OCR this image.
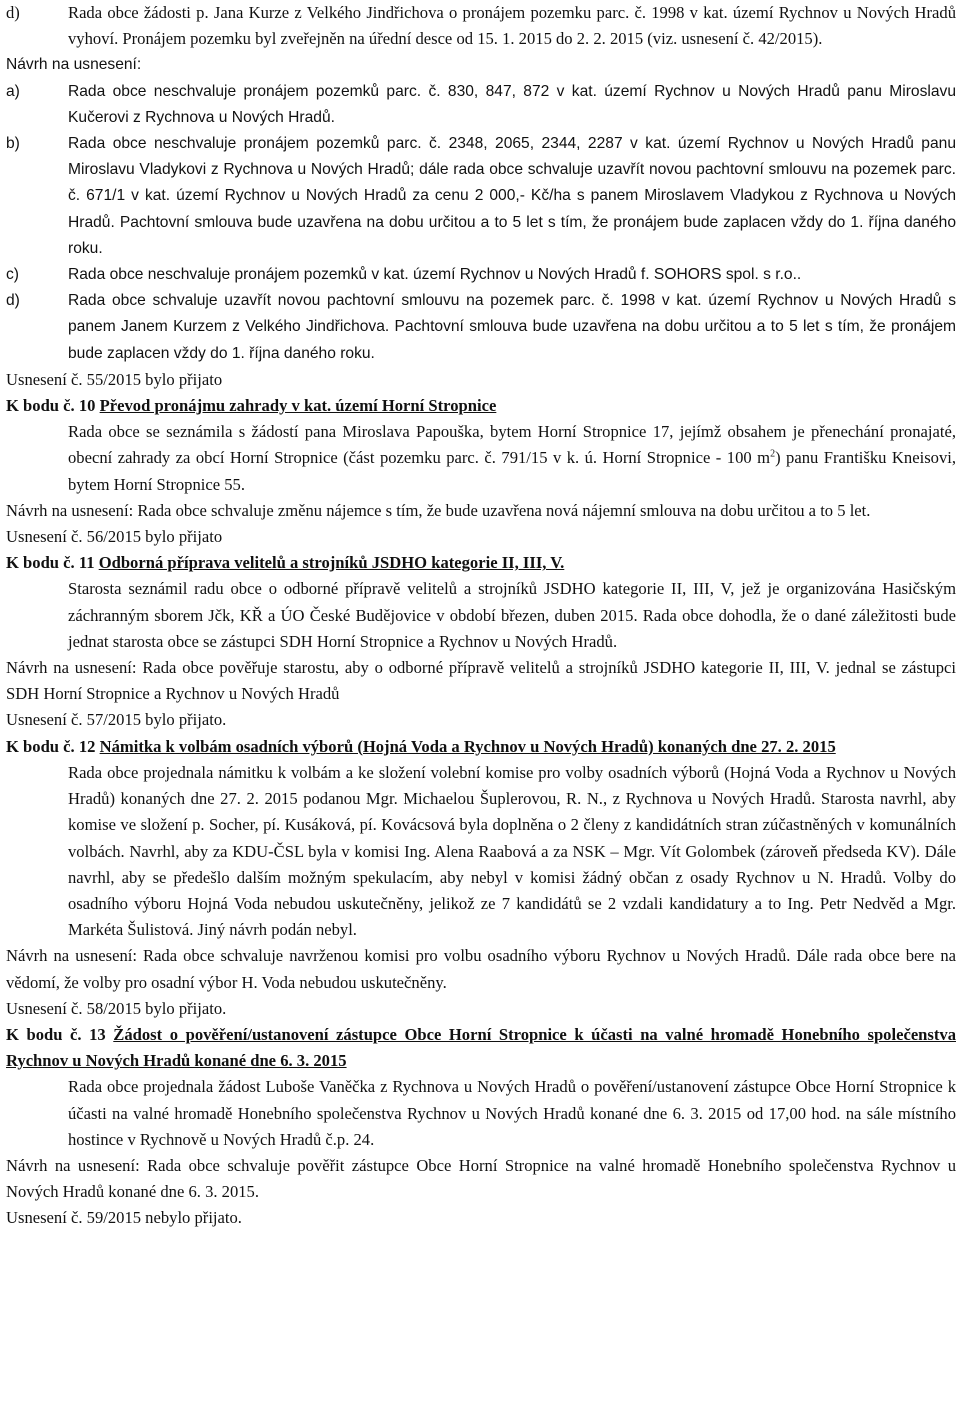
d)	Rada obce žádosti p. Jana Kurze z Velkého Jindřichova o pronájem pozemku parc. č. 1998 v kat. území Rychnov u Nových Hradů vyhoví. Pronájem pozemku byl zveřejněn na úřední desce od 15. 1. 2015 do 2. 2. 2015 (viz. usnesení č. 42/2015).

Návrh na usnesení:

a)	Rada obce neschvaluje pronájem pozemků parc. č. 830, 847, 872 v kat. území Rychnov u Nových Hradů panu Miroslavu Kučerovi z Rychnova u Nových Hradů.
b)	Rada obce neschvaluje pronájem pozemků parc. č. 2348, 2065, 2344, 2287 v kat. území Rychnov u Nových Hradů panu Miroslavu Vladykovi z Rychnova u Nových Hradů; dále rada obce schvaluje uzavřít novou pachtovní smlouvu na pozemek parc. č. 671/1 v kat. území Rychnov u Nových Hradů za cenu 2 000,- Kč/ha s panem Miroslavem Vladykou z Rychnova u Nových Hradů. Pachtovní smlouva bude uzavřena na dobu určitou a to 5 let s tím, že pronájem bude zaplacen vždy do 1. října daného roku.
c)	Rada obce neschvaluje pronájem pozemků v kat. území Rychnov u Nových Hradů f. SOHORS spol. s r.o..
d)	Rada obce schvaluje uzavřít novou pachtovní smlouvu na pozemek parc. č. 1998 v kat. území Rychnov u Nových Hradů s panem Janem Kurzem z Velkého Jindřichova. Pachtovní smlouva bude uzavřena na dobu určitou a to 5 let s tím, že pronájem bude zaplacen vždy do 1. října daného roku.

Usnesení č. 55/2015 bylo přijato

K bodu č. 10 Převod pronájmu zahrady v kat. území Horní Stropnice

Rada obce se seznámila s žádostí pana Miroslava Papouška, bytem Horní Stropnice 17, jejímž obsahem je přenechání pronajaté, obecní zahrady za obcí Horní Stropnice (část pozemku parc. č. 791/15 v k. ú. Horní Stropnice - 100 $m^2$) panu Františku Kneisovi, bytem Horní Stropnice 55.

Návrh na usnesení: Rada obce schvaluje změnu nájemce s tím, že bude uzavřena nová nájemní smlouva na dobu určitou a to 5 let.

Usnesení č. 56/2015 bylo přijato

K bodu č. 11 Odborná příprava velitelů a strojníků JSDHO kategorie II, III, V.

Starosta seznámil radu obce o odborné přípravě velitelů a strojníků JSDHO kategorie II, III, V, jež je organizována Hasičským záchranným sborem Jčk, KŘ a ÚO České Budějovice v období březen, duben 2015. Rada obce dohodla, že o dané záležitosti bude jednat starosta obce se zástupci SDH Horní Stropnice a Rychnov u Nových Hradů.

Návrh na usnesení: Rada obce pověřuje starostu, aby o odborné přípravě velitelů a strojníků JSDHO kategorie II, III, V. jednal se zástupci SDH Horní Stropnice a Rychnov u Nových Hradů

Usnesení č. 57/2015 bylo přijato.

K bodu č. 12 Námitka k volbám osadních výborů (Hojná Voda a Rychnov u Nových Hradů) konaných dne 27. 2. 2015

Rada obce projednala námitku k volbám a ke složení volební komise pro volby osadních výborů (Hojná Voda a Rychnov u Nových Hradů) konaných dne 27. 2. 2015 podanou Mgr. Michaelou Šuplerovou, R. N., z Rychnova u Nových Hradů. Starosta navrhl, aby komise ve složení p. Socher, pí. Kusáková, pí. Kovácsová byla doplněna o 2 členy z kandidátních stran zúčastněných v komunálních volbách. Navrhl, aby za KDU-ČSL byla v komisi Ing. Alena Raabová a za NSK – Mgr. Vít Golombek (zároveň předseda KV). Dále navrhl, aby se předešlo dalším možným spekulacím, aby nebyl v komisi žádný občan z osady Rychnov u N. Hradů. Volby do osadního výboru Hojná Voda nebudou uskutečněny, jelikož ze 7 kandidátů se 2 vzdali kandidatury a to Ing. Petr Nedvěd a Mgr. Markéta Šulistová. Jiný návrh podán nebyl.

Návrh na usnesení: Rada obce schvaluje navrženou komisi pro volbu osadního výboru Rychnov u Nových Hradů. Dále rada obce bere na vědomí, že volby pro osadní výbor H. Voda nebudou uskutečněny.

Usnesení č. 58/2015 bylo přijato.

K bodu č. 13 Žádost o pověření/ustanovení zástupce Obce Horní Stropnice k účasti na valné hromadě Honebního společenstva Rychnov u Nových Hradů konané dne 6. 3. 2015

Rada obce projednala žádost Luboše Vaněčka z Rychnova u Nových Hradů o pověření/ustanovení zástupce Obce Horní Stropnice k účasti na valné hromadě Honebního společenstva Rychnov u Nových Hradů konané dne 6. 3. 2015 od 17,00 hod. na sále místního hostince v Rychnově u Nových Hradů č.p. 24.

Návrh na usnesení: Rada obce schvaluje pověřit zástupce Obce Horní Stropnice na valné hromadě Honebního společenstva Rychnov u Nových Hradů konané dne 6. 3. 2015.

Usnesení č. 59/2015 nebylo přijato.
